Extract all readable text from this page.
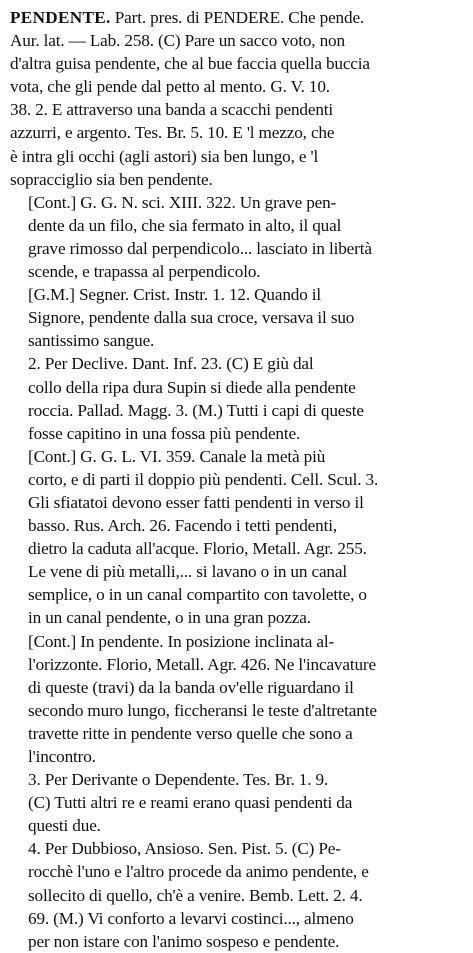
PENDENTE. Part. pres. di PENDERE. Che pende.
Aur. lat. — Lab. 258. (C) Pare un sacco voto, non
d'altra guisa pendente, che al bue faccia quella buccia
vota, che gli pende dal petto al mento. G. V. 10.
38. 2. E attraverso una banda a scacchi pendenti
azzurri, e argento. Tes. Br. 5. 10. E 'l mezzo, che
è intra gli occhi (agli astori) sia ben lungo, e 'l
sopracciglio sia ben pendente.

[Cont.] G. G. N. sci. XIII. 322. Un grave pen-
dente da un filo, che sia fermato in alto, il qual
grave rimosso dal perpendicolo... lasciato in libertà
scende, e trapassa al perpendicolo.

[G.M.] Segner. Crist. Instr. 1. 12. Quando il
Signore, pendente dalla sua croce, versava il suo
santissimo sangue.

2. Per Declive. Dant. Inf. 23. (C) E giù dal
collo della ripa dura Supin si diede alla pendente
roccia. Pallad. Magg. 3. (M.) Tutti i capi di queste
fosse capitino in una fossa più pendente.

[Cont.] G. G. L. VI. 359. Canale la metà più
corto, e di parti il doppio più pendenti. Cell. Scul. 3.
Gli sfiatatoi devono esser fatti pendenti in verso il
basso. Rus. Arch. 26. Facendo i tetti pendenti,
dietro la caduta all'acque. Florio, Metall. Agr. 255.
Le vene di più metalli,... si lavano o in un canal
semplice, o in un canal compartito con tavolette, o
in un canal pendente, o in una gran pozza.

[Cont.] In pendente. In posizione inclinata al-
l'orizzonte. Florio, Metall. Agr. 426. Ne l'incavature
di queste (travi) da la banda ov'elle riguardano il
secondo muro lungo, ficcheransi le teste d'altretante
travette ritte in pendente verso quelle che sono a
l'incontro.

3. Per Derivante o Dependente. Tes. Br. 1. 9.
(C) Tutti altri re e reami erano quasi pendenti da
questi due.

4. Per Dubbioso, Ansioso. Sen. Pist. 5. (C) Pe-
rocchè l'uno e l'altro procede da animo pendente, e
sollecito di quello, ch'è a venire. Bemb. Lett. 2. 4.
69. (M.) Vi conforto a levarvi costinci..., almeno
per non istare con l'animo sospeso e pendente.
